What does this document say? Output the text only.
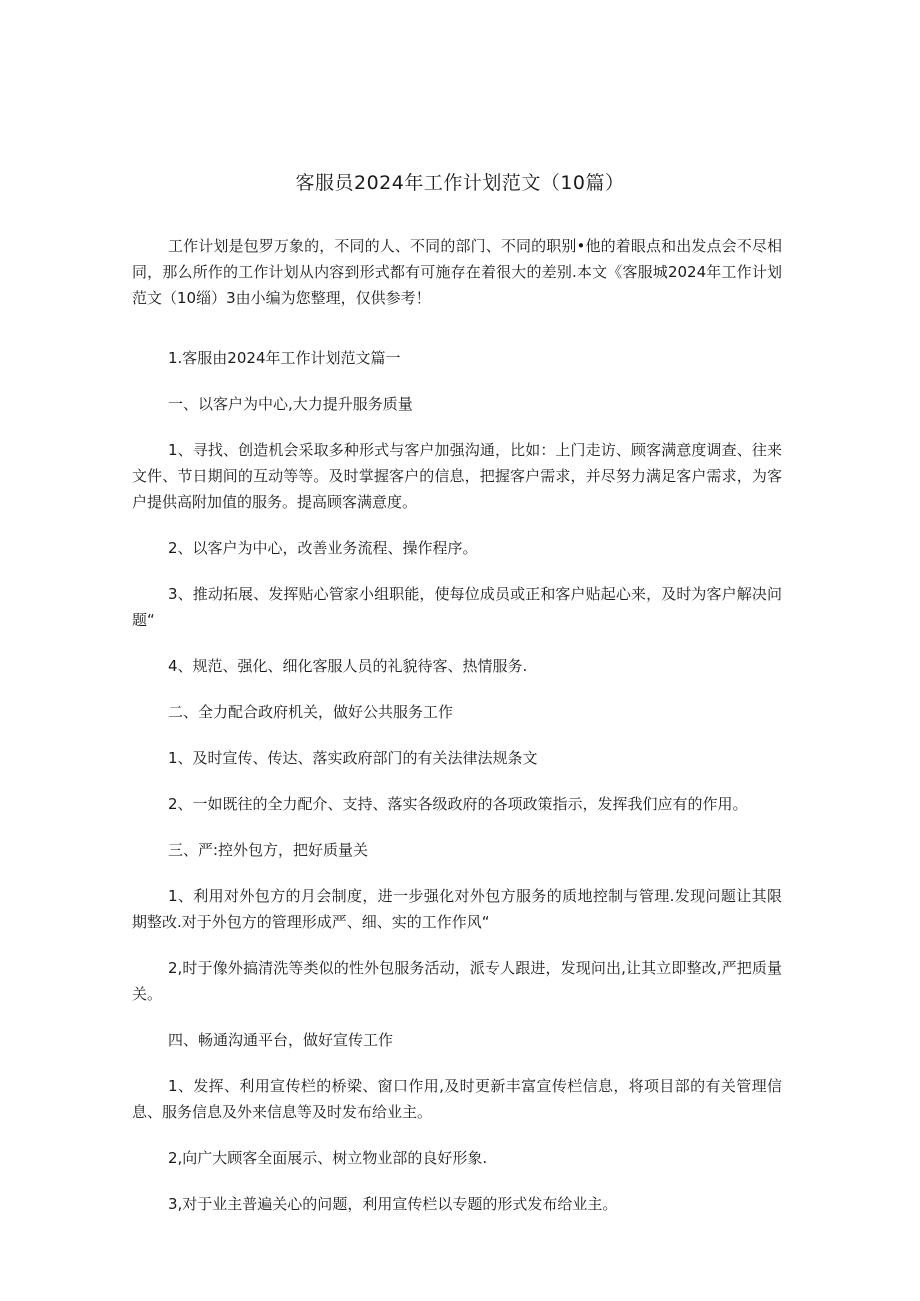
客服员2024年工作计划范文（10篇）

工作计划是包罗万象的，不同的人、不同的部门、不同的职别•他的着眼点和出发点会不尽相同，那么所作的工作计划从内容到形式都有可施存在着很大的差别.本文《客服城2024年工作计划范文（10缁）3由小编为您整理，仅供参考！

1.客服由2024年工作计划范文篇一

一、以客户为中心,大力提升服务质量

1、寻找、创造机会采取多种形式与客户加强沟通，比如：上门走访、顾客满意度调查、往来文件、节日期间的互动等等。及时掌握客户的信息，把握客户需求，并尽努力满足客户需求，为客户提供高附加值的服务。提高顾客满意度。

2、以客户为中心，改善业务流程、操作程序。

3、推动拓展、发挥贴心管家小组职能，使每位成员或正和客户贴起心来，及时为客户解决问题“

4、规范、强化、细化客服人员的礼貌待客、热情服务.

二、全力配合政府机关，做好公共服务工作

1、及时宣传、传达、落实政府部门的有关法律法规条文

2、一如既往的全力配介、支持、落实各级政府的各项政策指示，发挥我们应有的作用。

三、严:控外包方，把好质量关

1、利用对外包方的月会制度，进一步强化对外包方服务的质地控制与管理.发现问题让其限期整改.对于外包方的管理形成严、细、实的工作作风“

2,时于像外搞清洗等类似的性外包服务活动，派专人跟进，发现问出,让其立即整改,严把质量关。

四、畅通沟通平台，做好宣传工作

1、发挥、利用宣传栏的桥梁、窗口作用,及时更新丰富宣传栏信息，将项目部的有关管理信息、服务信息及外来信息等及时发布给业主。

2,向广大顾客全面展示、树立物业部的良好形象.

3,对于业主普遍关心的问题，利用宣传栏以专题的形式发布给业主。
